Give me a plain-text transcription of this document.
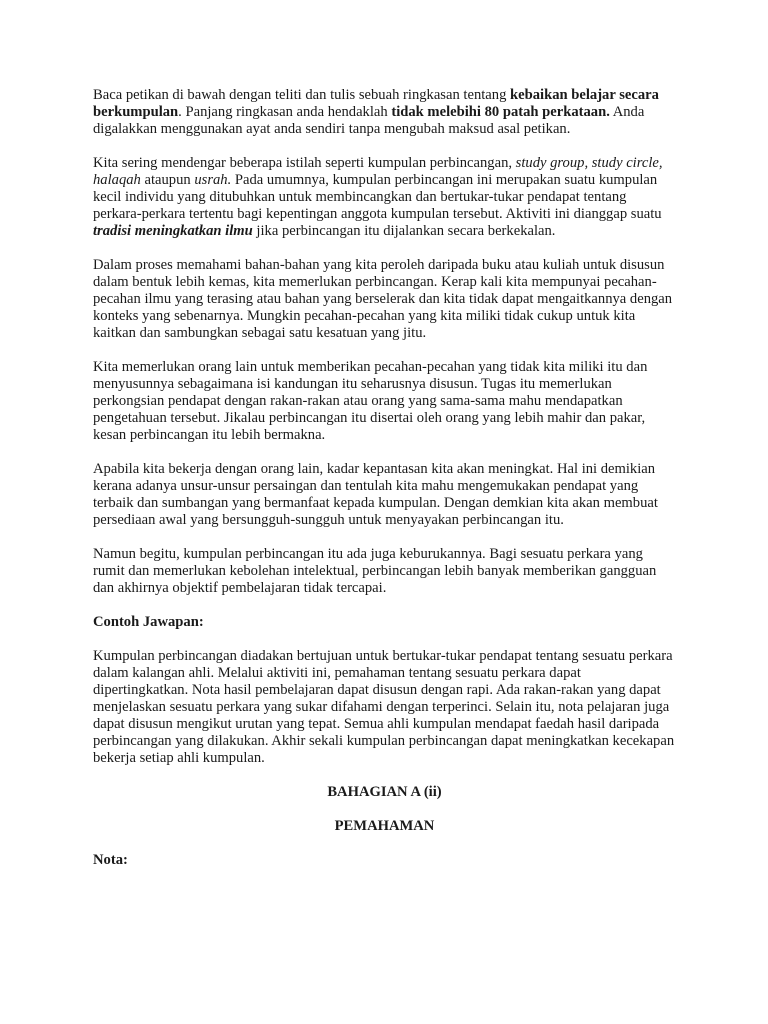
Baca petikan di bawah dengan teliti dan tulis sebuah ringkasan tentang kebaikan belajar secara berkumpulan. Panjang ringkasan anda hendaklah tidak melebihi 80 patah perkataan. Anda digalakkan menggunakan ayat anda sendiri tanpa mengubah maksud asal petikan.

Kita sering mendengar beberapa istilah seperti kumpulan perbincangan, study group, study circle, halaqah ataupun usrah. Pada umumnya, kumpulan perbincangan ini merupakan suatu kumpulan kecil individu yang ditubuhkan untuk membincangkan dan bertukar-tukar pendapat tentang perkara-perkara tertentu bagi kepentingan anggota kumpulan tersebut. Aktiviti ini dianggap suatu tradisi meningkatkan ilmu jika perbincangan itu dijalankan secara berkekalan.

Dalam proses memahami bahan-bahan yang kita peroleh daripada buku atau kuliah untuk disusun dalam bentuk lebih kemas, kita memerlukan perbincangan. Kerap kali kita mempunyai pecahan-pecahan ilmu yang terasing atau bahan yang berselerak dan kita tidak dapat mengaitkannya dengan konteks yang sebenarnya. Mungkin pecahan-pecahan yang kita miliki tidak cukup untuk kita kaitkan dan sambungkan sebagai satu kesatuan yang jitu.

Kita memerlukan orang lain untuk memberikan pecahan-pecahan yang tidak kita miliki itu dan menyusunnya sebagaimana isi kandungan itu seharusnya disusun. Tugas itu memerlukan perkongsian pendapat dengan rakan-rakan atau orang yang sama-sama mahu mendapatkan pengetahuan tersebut. Jikalau perbincangan itu disertai oleh orang yang lebih mahir dan pakar, kesan perbincangan itu lebih bermakna.

Apabila kita bekerja dengan orang lain, kadar kepantasan kita akan meningkat. Hal ini demikian kerana adanya unsur-unsur persaingan dan tentulah kita mahu mengemukakan pendapat yang terbaik dan sumbangan yang bermanfaat kepada kumpulan. Dengan demkian kita akan membuat persediaan awal yang bersungguh-sungguh untuk menyayakan perbincangan itu.

Namun begitu, kumpulan perbincangan itu ada juga keburukannya. Bagi sesuatu perkara yang rumit dan memerlukan kebolehan intelektual, perbincangan lebih banyak memberikan gangguan dan akhirnya objektif pembelajaran tidak tercapai.

Contoh Jawapan:

Kumpulan perbincangan diadakan bertujuan untuk bertukar-tukar pendapat tentang sesuatu perkara dalam kalangan ahli. Melalui aktiviti ini, pemahaman tentang sesuatu perkara dapat dipertingkatkan. Nota hasil pembelajaran dapat disusun dengan rapi. Ada rakan-rakan yang dapat menjelaskan sesuatu perkara yang sukar difahami dengan terperinci. Selain itu, nota pelajaran juga dapat disusun mengikut urutan yang tepat. Semua ahli kumpulan mendapat faedah hasil daripada perbincangan yang dilakukan. Akhir sekali kumpulan perbincangan dapat meningkatkan kecekapan bekerja setiap ahli kumpulan.

BAHAGIAN A (ii)

PEMAHAMAN

Nota:
